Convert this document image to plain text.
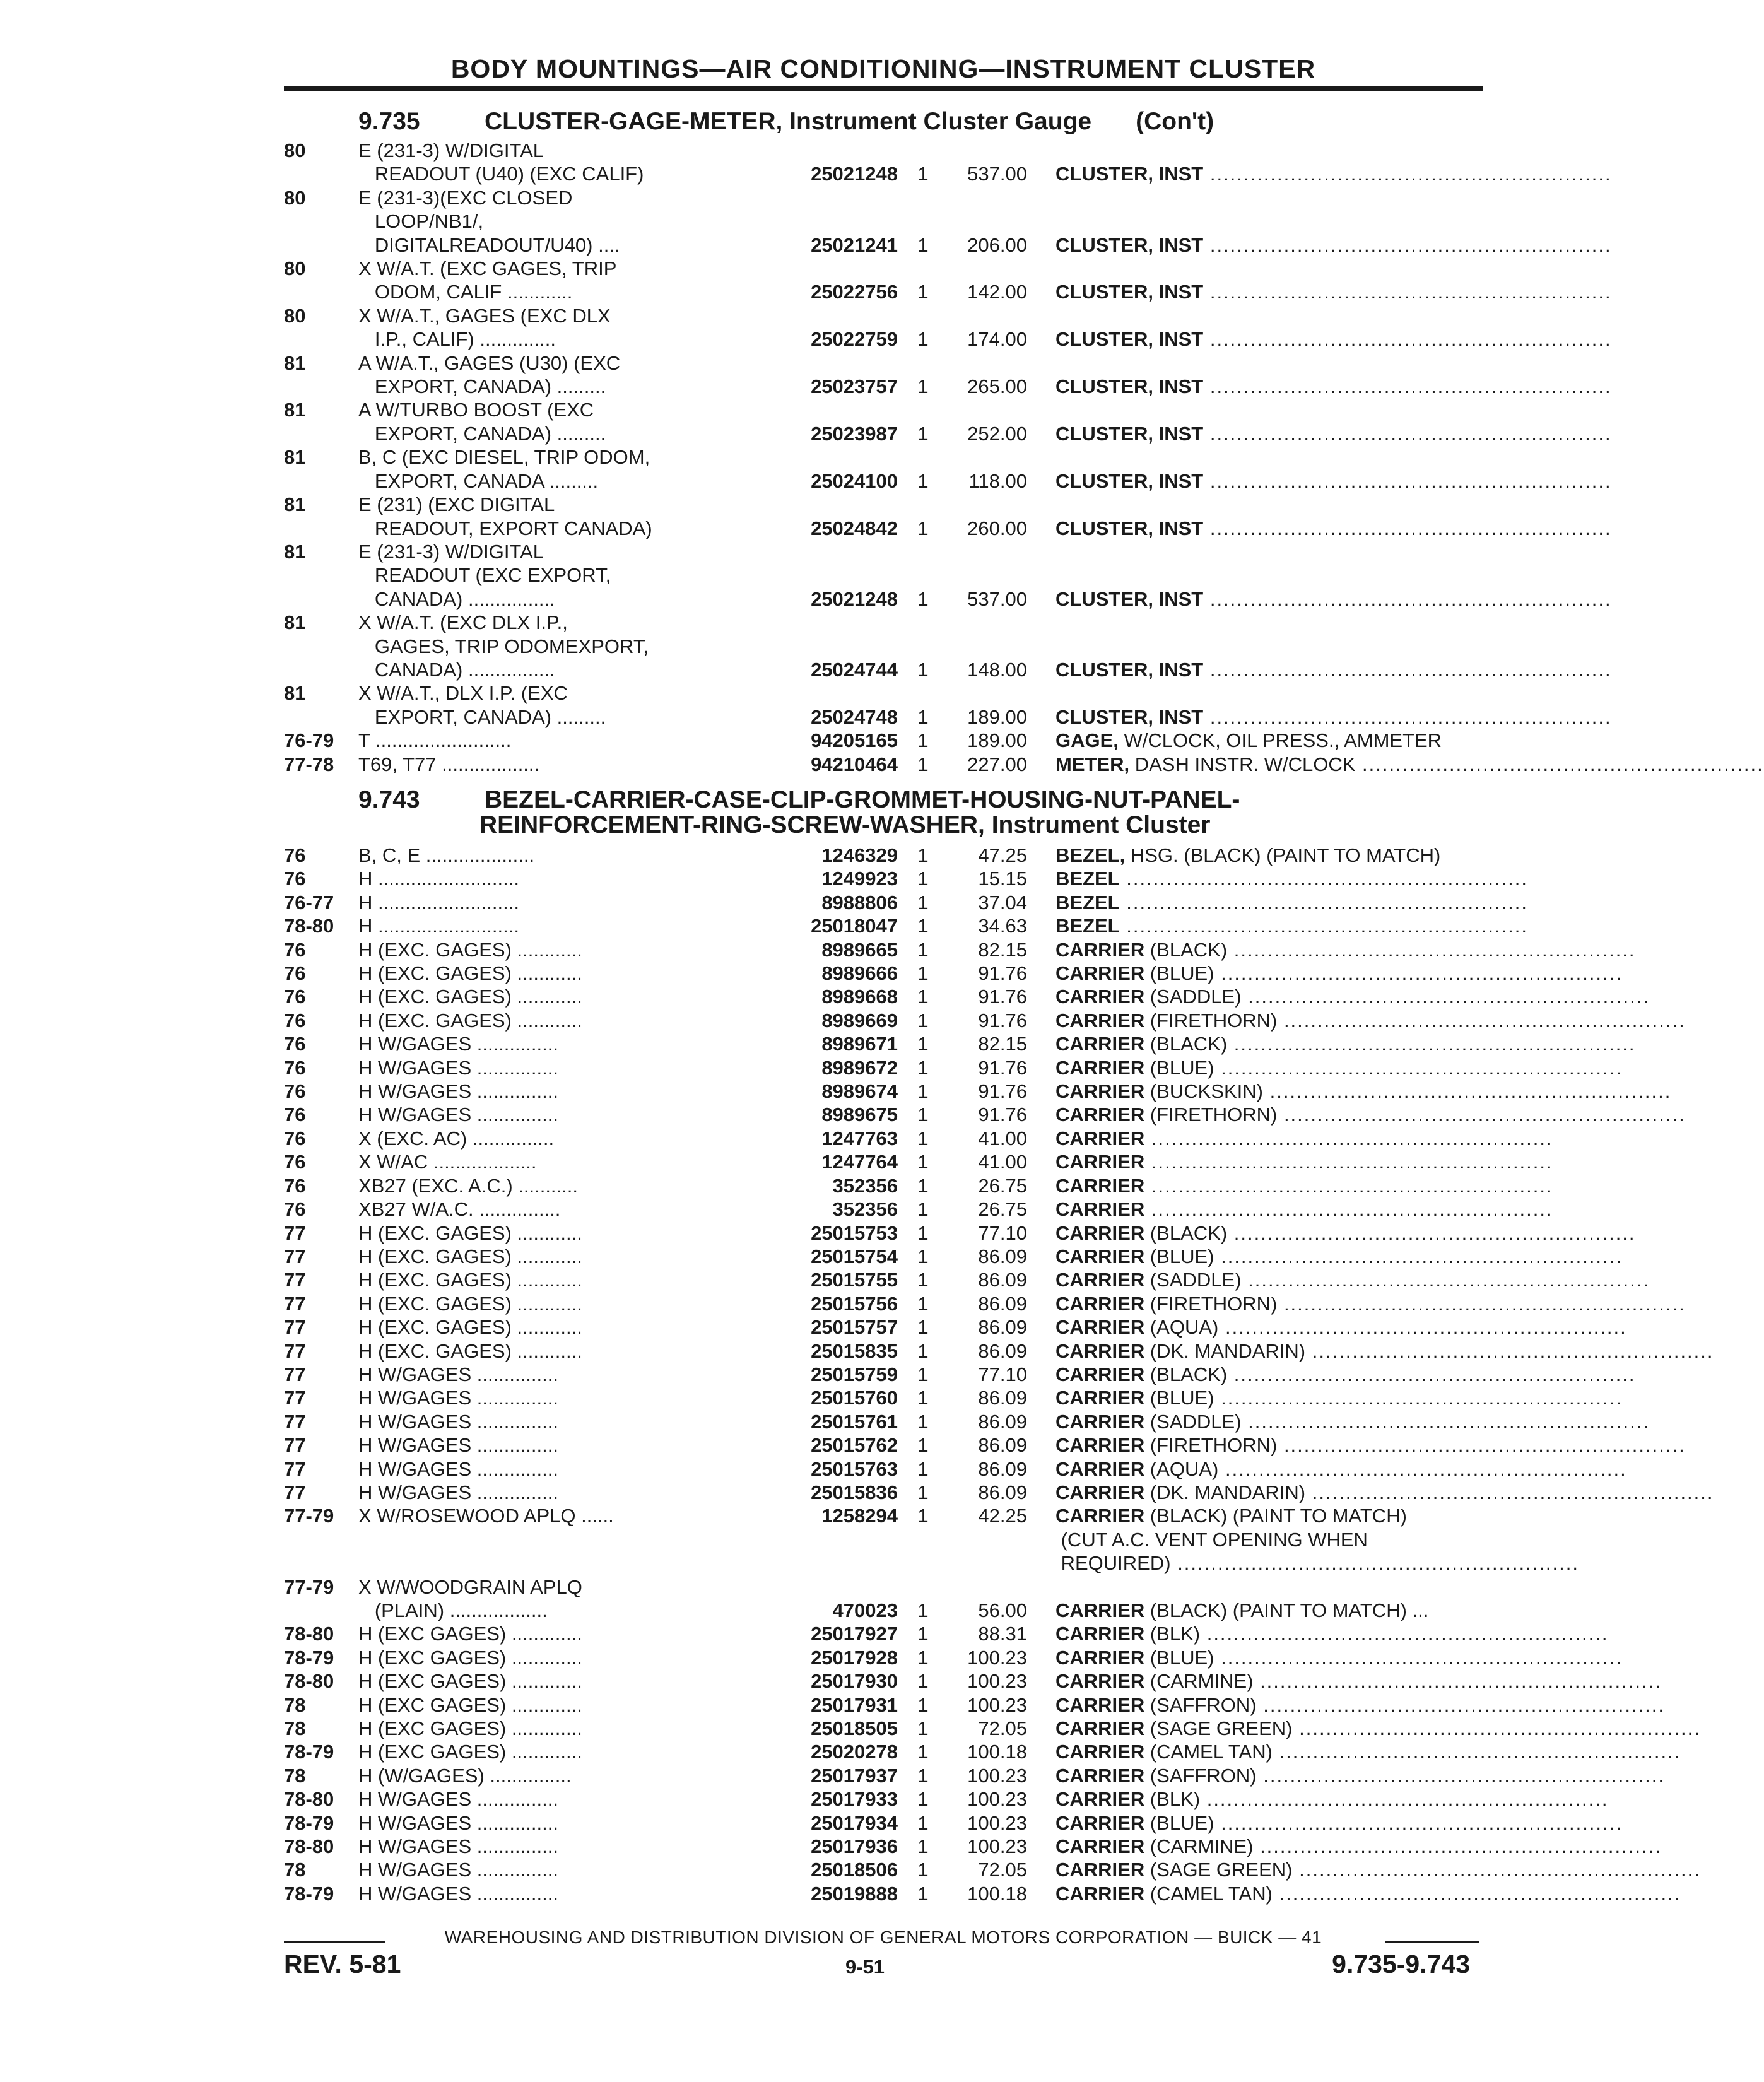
BODY MOUNTINGS—AIR CONDITIONING—INSTRUMENT CLUSTER
9.735	CLUSTER-GAGE-METER, Instrument Cluster Gauge (Con't)
80	E (231-3) W/DIGITAL
READOUT (U40) (EXC CALIF)	25021248	1	537.00 CLUSTER, INST ............................................................
80	E (231-3)(EXC CLOSED
LOOP/NB1/,
DIGITALREADOUT/U40) ....	25021241	1	206.00 CLUSTER, INST ............................................................
80	X W/A.T. (EXC GAGES, TRIP
ODOM, CALIF ............	25022756	1	142.00 CLUSTER, INST ............................................................
80	X W/A.T., GAGES (EXC DLX
I.P., CALIF) ..............	25022759	1	174.00 CLUSTER, INST ............................................................
81	A W/A.T., GAGES (U30) (EXC
EXPORT, CANADA) .........	25023757	1	265.00 CLUSTER, INST ............................................................
81	A W/TURBO BOOST (EXC
EXPORT, CANADA) .........	25023987	1	252.00 CLUSTER, INST ............................................................
81	B, C (EXC DIESEL, TRIP ODOM,
EXPORT, CANADA .........	25024100	1	118.00 CLUSTER, INST ............................................................
81	E (231) (EXC DIGITAL
READOUT, EXPORT CANADA)	25024842	1	260.00 CLUSTER, INST ............................................................
81	E (231-3) W/DIGITAL
READOUT (EXC EXPORT,
CANADA) ................	25021248	1	537.00 CLUSTER, INST ............................................................
81	X W/A.T. (EXC DLX I.P.,
GAGES, TRIP ODOMEXPORT,
CANADA) ................	25024744	1	148.00 CLUSTER, INST ............................................................
81	X W/A.T., DLX I.P. (EXC
EXPORT, CANADA) .........	25024748	1	189.00 CLUSTER, INST ............................................................
76-79	T .........................	94205165	1	189.00 GAGE, W/CLOCK, OIL PRESS., AMMETER
77-78	T69, T77 ..................	94210464	1	227.00 METER, DASH INSTR. W/CLOCK ............................................................
9.743	BEZEL-CARRIER-CASE-CLIP-GROMMET-HOUSING-NUT-PANEL-
REINFORCEMENT-RING-SCREW-WASHER, Instrument Cluster
76	B, C, E ....................	1246329	1	47.25 BEZEL, HSG. (BLACK) (PAINT TO MATCH)
76	H ..........................	1249923	1	15.15 BEZEL ............................................................
76-77	H ..........................	8988806	1	37.04 BEZEL ............................................................
78-80	H ..........................	25018047	1	34.63 BEZEL ............................................................
76	H (EXC. GAGES) ............	8989665	1	82.15 CARRIER (BLACK) ............................................................
76	H (EXC. GAGES) ............	8989666	1	91.76 CARRIER (BLUE) ............................................................
76	H (EXC. GAGES) ............	8989668	1	91.76 CARRIER (SADDLE) ............................................................
76	H (EXC. GAGES) ............	8989669	1	91.76 CARRIER (FIRETHORN) ............................................................
76	H W/GAGES ...............	8989671	1	82.15 CARRIER (BLACK) ............................................................
76	H W/GAGES ...............	8989672	1	91.76 CARRIER (BLUE) ............................................................
76	H W/GAGES ...............	8989674	1	91.76 CARRIER (BUCKSKIN) ............................................................
76	H W/GAGES ...............	8989675	1	91.76 CARRIER (FIRETHORN) ............................................................
76	X (EXC. AC) ...............	1247763	1	41.00 CARRIER ............................................................
76	X W/AC ...................	1247764	1	41.00 CARRIER ............................................................
76	XB27 (EXC. A.C.) ...........	352356	1	26.75 CARRIER ............................................................
76	XB27 W/A.C. ...............	352356	1	26.75 CARRIER ............................................................
77	H (EXC. GAGES) ............	25015753	1	77.10 CARRIER (BLACK) ............................................................
77	H (EXC. GAGES) ............	25015754	1	86.09 CARRIER (BLUE) ............................................................
77	H (EXC. GAGES) ............	25015755	1	86.09 CARRIER (SADDLE) ............................................................
77	H (EXC. GAGES) ............	25015756	1	86.09 CARRIER (FIRETHORN) ............................................................
77	H (EXC. GAGES) ............	25015757	1	86.09 CARRIER (AQUA) ............................................................
77	H (EXC. GAGES) ............	25015835	1	86.09 CARRIER (DK. MANDARIN) ............................................................
77	H W/GAGES ...............	25015759	1	77.10 CARRIER (BLACK) ............................................................
77	H W/GAGES ...............	25015760	1	86.09 CARRIER (BLUE) ............................................................
77	H W/GAGES ...............	25015761	1	86.09 CARRIER (SADDLE) ............................................................
77	H W/GAGES ...............	25015762	1	86.09 CARRIER (FIRETHORN) ............................................................
77	H W/GAGES ...............	25015763	1	86.09 CARRIER (AQUA) ............................................................
77	H W/GAGES ...............	25015836	1	86.09 CARRIER (DK. MANDARIN) ............................................................
77-79	X W/ROSEWOOD APLQ ......	1258294	1	42.25 CARRIER (BLACK) (PAINT TO MATCH)
(CUT A.C. VENT OPENING WHEN
REQUIRED) ............................................................
77-79	X W/WOODGRAIN APLQ
(PLAIN) ..................	470023	1	56.00 CARRIER (BLACK) (PAINT TO MATCH) ...
78-80	H (EXC GAGES) .............	25017927	1	88.31 CARRIER (BLK) ............................................................
78-79	H (EXC GAGES) .............	25017928	1	100.23 CARRIER (BLUE) ............................................................
78-80	H (EXC GAGES) .............	25017930	1	100.23 CARRIER (CARMINE) ............................................................
78	H (EXC GAGES) .............	25017931	1	100.23 CARRIER (SAFFRON) ............................................................
78	H (EXC GAGES) .............	25018505	1	72.05 CARRIER (SAGE GREEN) ............................................................
78-79	H (EXC GAGES) .............	25020278	1	100.18 CARRIER (CAMEL TAN) ............................................................
78	H (W/GAGES) ...............	25017937	1	100.23 CARRIER (SAFFRON) ............................................................
78-80	H W/GAGES ...............	25017933	1	100.23 CARRIER (BLK) ............................................................
78-79	H W/GAGES ...............	25017934	1	100.23 CARRIER (BLUE) ............................................................
78-80	H W/GAGES ...............	25017936	1	100.23 CARRIER (CARMINE) ............................................................
78	H W/GAGES ...............	25018506	1	72.05 CARRIER (SAGE GREEN) ............................................................
78-79	H W/GAGES ...............	25019888	1	100.18 CARRIER (CAMEL TAN) ............................................................
WAREHOUSING AND DISTRIBUTION DIVISION OF GENERAL MOTORS CORPORATION — BUICK — 41
REV. 5-81	9-51	9.735-9.743
